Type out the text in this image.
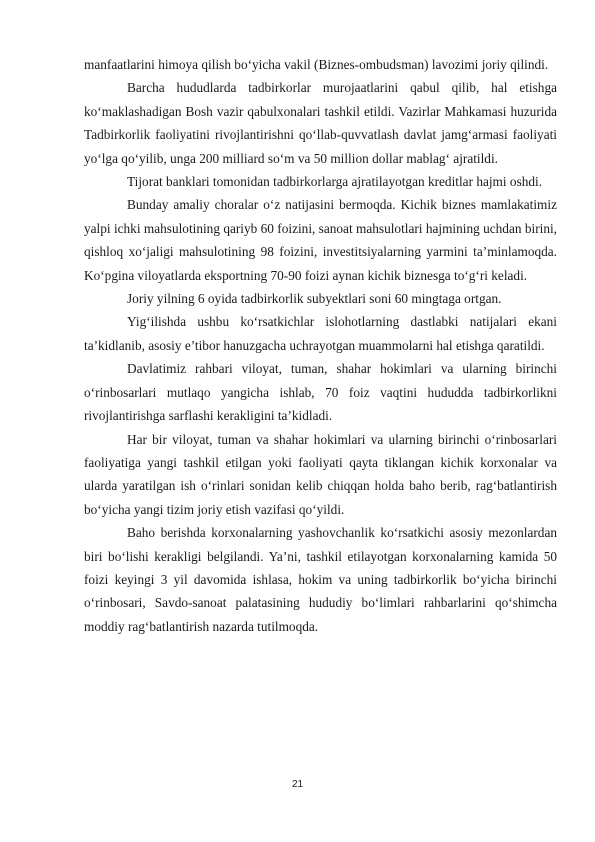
manfaatlarini himoya qilish bo‘yicha vakil (Biznes-ombudsman) lavozimi joriy qilindi.

Barcha hududlarda tadbirkorlar murojaatlarini qabul qilib, hal etishga ko‘maklashadigan Bosh vazir qabulxonalari tashkil etildi. Vazirlar Mahkamasi huzurida Tadbirkorlik faoliyatini rivojlantirishni qo‘llab-quvvatlash davlat jamg‘armasi faoliyati yo‘lga qo‘yilib, unga 200 milliard so‘m va 50 million dollar mablag‘ ajratildi.

Tijorat banklari tomonidan tadbirkorlarga ajratilayotgan kreditlar hajmi oshdi.

Bunday amaliy choralar o‘z natijasini bermoqda. Kichik biznes mamlakatimiz yalpi ichki mahsulotining qariyb 60 foizini, sanoat mahsulotlari hajmining uchdan birini, qishloq xo‘jaligi mahsulotining 98 foizini, investitsiyalarning yarmini ta’minlamoqda. Ko‘pgina viloyatlarda eksportning 70-90 foizi aynan kichik biznesga to‘g‘ri keladi.

Joriy yilning 6 oyida tadbirkorlik subyektlari soni 60 mingtaga ortgan.

Yig‘ilishda ushbu ko‘rsatkichlar islohotlarning dastlabki natijalari ekani ta’kidlanib, asosiy e’tibor hanuzgacha uchrayotgan muammolarni hal etishga qaratildi.

Davlatimiz rahbari viloyat, tuman, shahar hokimlari va ularning birinchi o‘rinbosarlari mutlaqo yangicha ishlab, 70 foiz vaqtini hududda tadbirkorlikni rivojlantirishga sarflashi kerakligini ta’kidladi.

Har bir viloyat, tuman va shahar hokimlari va ularning birinchi o‘rinbosarlari faoliyatiga yangi tashkil etilgan yoki faoliyati qayta tiklangan kichik korxonalar va ularda yaratilgan ish o‘rinlari sonidan kelib chiqqan holda baho berib, rag‘batlantirish bo‘yicha yangi tizim joriy etish vazifasi qo‘yildi.

Baho berishda korxonalarning yashovchanlik ko‘rsatkichi asosiy mezonlardan biri bo‘lishi kerakligi belgilandi. Ya’ni, tashkil etilayotgan korxonalarning kamida 50 foizi keyingi 3 yil davomida ishlasa, hokim va uning tadbirkorlik bo‘yicha birinchi o‘rinbosari, Savdo-sanoat palatasining hududiy bo‘limlari rahbarlarini qo‘shimcha moddiy rag‘batlantirish nazarda tutilmoqda.

21
